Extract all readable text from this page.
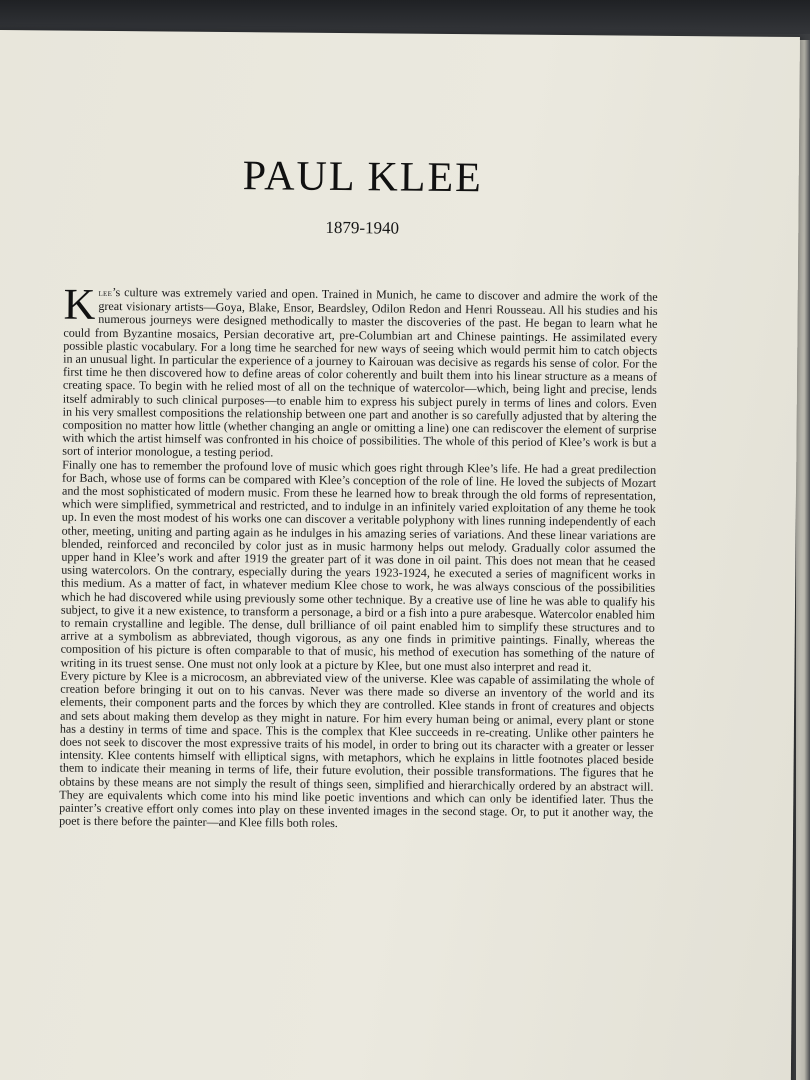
PAUL KLEE
1879-1940

Klee’s culture was extremely varied and open. Trained in Munich, he came to discover and admire the work of the great visionary artists—Goya, Blake, Ensor, Beardsley, Odilon Redon and Henri Rousseau. All his studies and his numerous journeys were designed methodically to master the discoveries of the past. He began to learn what he could from Byzantine mosaics, Persian decorative art, pre-Columbian art and Chinese paintings. He assimilated every possible plastic vocabulary. For a long time he searched for new ways of seeing which would permit him to catch objects in an unusual light. In particular the experience of a journey to Kairouan was decisive as regards his sense of color. For the first time he then discovered how to define areas of color coherently and built them into his linear structure as a means of creating space. To begin with he relied most of all on the technique of watercolor—which, being light and precise, lends itself admirably to such clinical purposes—to enable him to express his subject purely in terms of lines and colors. Even in his very smallest compositions the relationship between one part and another is so carefully adjusted that by altering the composition no matter how little (whether changing an angle or omitting a line) one can rediscover the element of surprise with which the artist himself was confronted in his choice of possibilities. The whole of this period of Klee’s work is but a sort of interior monologue, a testing period.

Finally one has to remember the profound love of music which goes right through Klee’s life. He had a great predilection for Bach, whose use of forms can be compared with Klee’s conception of the role of line. He loved the subjects of Mozart and the most sophisticated of modern music. From these he learned how to break through the old forms of representation, which were simplified, symmetrical and restricted, and to indulge in an infinitely varied exploitation of any theme he took up. In even the most modest of his works one can discover a veritable polyphony with lines running independently of each other, meeting, uniting and parting again as he indulges in his amazing series of variations. And these linear variations are blended, reinforced and reconciled by color just as in music harmony helps out melody. Gradually color assumed the upper hand in Klee’s work and after 1919 the greater part of it was done in oil paint. This does not mean that he ceased using watercolors. On the contrary, especially during the years 1923-1924, he executed a series of magnificent works in this medium. As a matter of fact, in whatever medium Klee chose to work, he was always conscious of the possibilities which he had discovered while using previously some other technique. By a creative use of line he was able to qualify his subject, to give it a new existence, to transform a personage, a bird or a fish into a pure arabesque. Watercolor enabled him to remain crystalline and legible. The dense, dull brilliance of oil paint enabled him to simplify these structures and to arrive at a symbolism as abbreviated, though vigorous, as any one finds in primitive paintings. Finally, whereas the composition of his picture is often comparable to that of music, his method of execution has something of the nature of writing in its truest sense. One must not only look at a picture by Klee, but one must also interpret and read it.

Every picture by Klee is a microcosm, an abbreviated view of the universe. Klee was capable of assimilating the whole of creation before bringing it out on to his canvas. Never was there made so diverse an inventory of the world and its elements, their component parts and the forces by which they are controlled. Klee stands in front of creatures and objects and sets about making them develop as they might in nature. For him every human being or animal, every plant or stone has a destiny in terms of time and space. This is the complex that Klee succeeds in re-creating. Unlike other painters he does not seek to discover the most expressive traits of his model, in order to bring out its character with a greater or lesser intensity. Klee contents himself with elliptical signs, with metaphors, which he explains in little footnotes placed beside them to indicate their meaning in terms of life, their future evolution, their possible transformations. The figures that he obtains by these means are not simply the result of things seen, simplified and hierarchically ordered by an abstract will. They are equivalents which come into his mind like poetic inventions and which can only be identified later. Thus the painter’s creative effort only comes into play on these invented images in the second stage. Or, to put it another way, the poet is there before the painter—and Klee fills both roles.
